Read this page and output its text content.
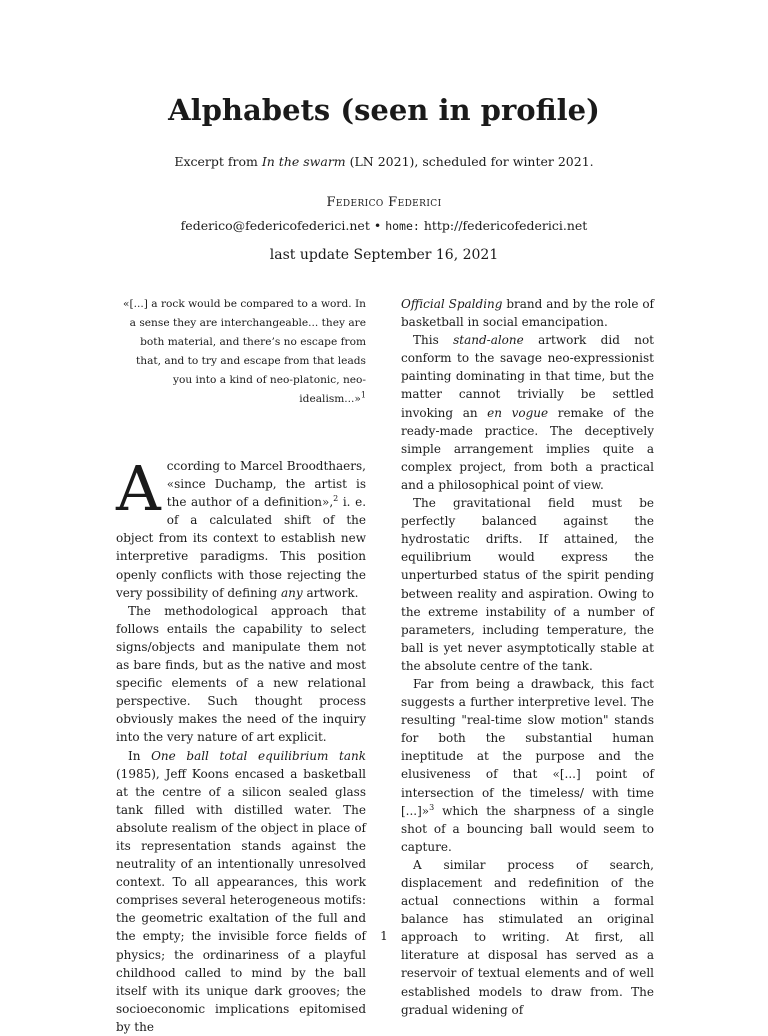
Alphabets (seen in profile)
Excerpt from In the swarm (LN 2021), scheduled for winter 2021.
Federico Federici
federico@federicofederici.net • home: http://federicofederici.net
last update September 16, 2021

«[...] a rock would be compared to a word. In a sense they are interchangeable... they are both material, and there’s no escape from that, and to try and escape from that leads you into a kind of neo-platonic, neo-idealism...»$^1$

According to Marcel Broodthaers, «since Duchamp, the artist is the author of a definition»,$^2$ i. e. of a calculated shift of the object from its context to establish new interpretive paradigms. This position openly conflicts with those rejecting the very possibility of defining any artwork.

The methodological approach that follows entails the capability to select signs/objects and manipulate them not as bare finds, but as the native and most specific elements of a new relational perspective. Such thought process obviously makes the need of the inquiry into the very nature of art explicit.

In One ball total equilibrium tank (1985), Jeff Koons encased a basketball at the centre of a silicon sealed glass tank filled with distilled water. The absolute realism of the object in place of its representation stands against the neutrality of an intentionally unresolved context. To all appearances, this work comprises several heterogeneous motifs: the geometric exaltation of the full and the empty; the invisible force fields of physics; the ordinariness of a playful childhood called to mind by the ball itself with its unique dark grooves; the socioeconomic implications epitomised by the

Official Spalding brand and by the role of basketball in social emancipation.

This stand-alone artwork did not conform to the savage neo-expressionist painting dominating in that time, but the matter cannot trivially be settled invoking an en vogue remake of the ready-made practice. The deceptively simple arrangement implies quite a complex project, from both a practical and a philosophical point of view.

The gravitational field must be perfectly balanced against the hydrostatic drifts. If attained, the equilibrium would express the unperturbed status of the spirit pending between reality and aspiration. Owing to the extreme instability of a number of parameters, including temperature, the ball is yet never asymptotically stable at the absolute centre of the tank.

Far from being a drawback, this fact suggests a further interpretive level. The resulting "real-time slow motion" stands for both the substantial human ineptitude at the purpose and the elusiveness of that «[...] point of intersection of the timeless/ with time [...]»$^3$ which the sharpness of a single shot of a bouncing ball would seem to capture.

A similar process of search, displacement and redefinition of the actual connections within a formal balance has stimulated an original approach to writing. At first, all literature at disposal has served as a reservoir of textual elements and of well established models to draw from. The gradual widening of

1
